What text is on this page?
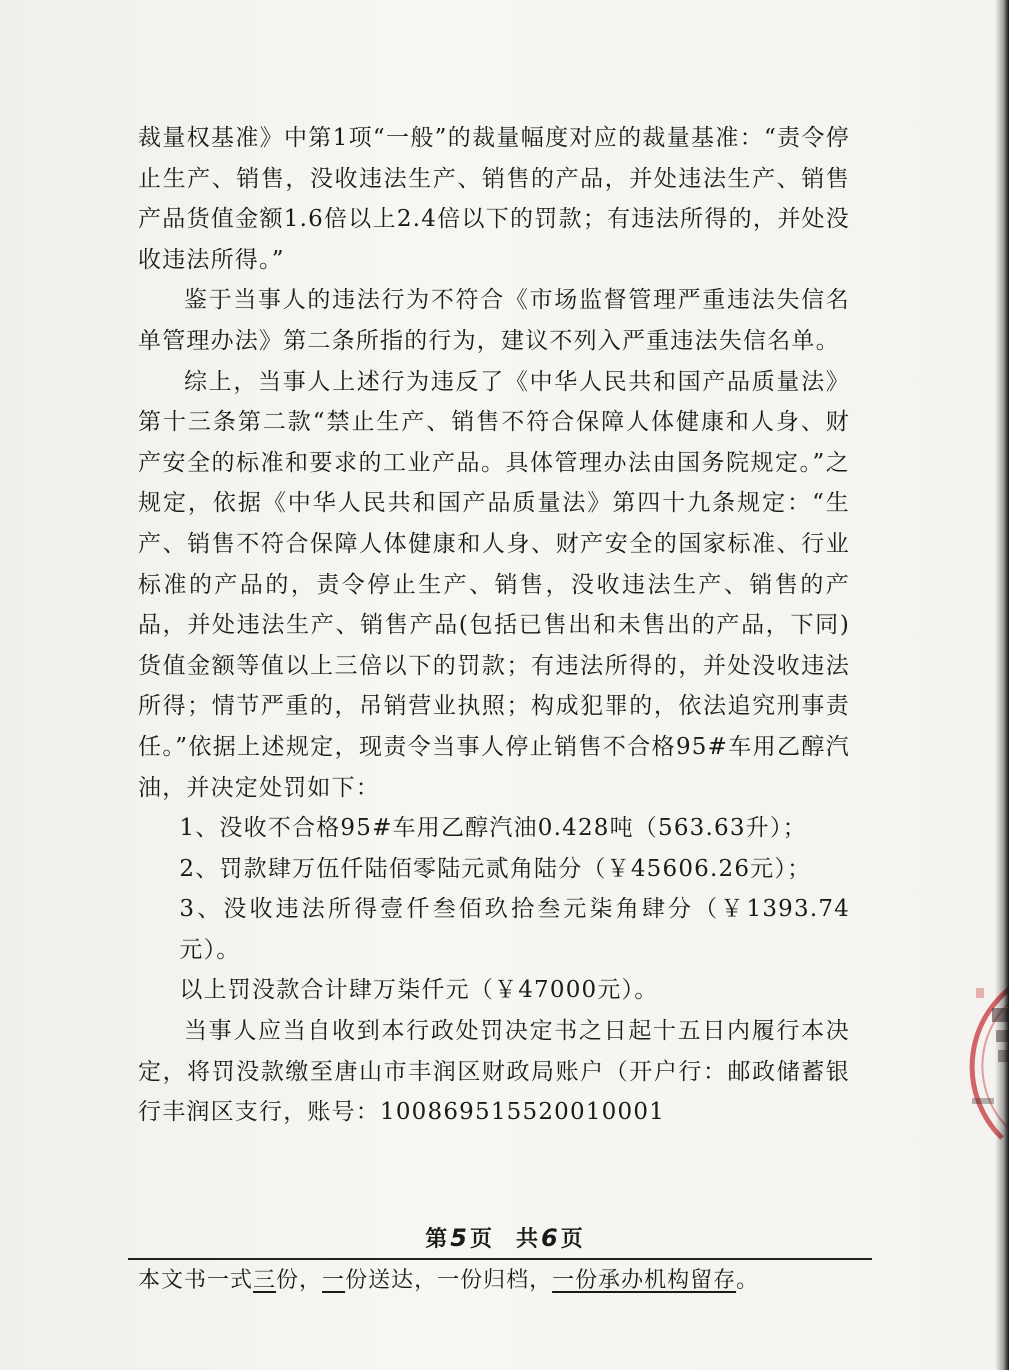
裁量权基准》中第1项“一般”的裁量幅度对应的裁量基准：“责令停止生产、销售，没收违法生产、销售的产品，并处违法生产、销售产品货值金额1.6倍以上2.4倍以下的罚款；有违法所得的，并处没收违法所得。”

鉴于当事人的违法行为不符合《市场监督管理严重违法失信名单管理办法》第二条所指的行为，建议不列入严重违法失信名单。

综上，当事人上述行为违反了《中华人民共和国产品质量法》第十三条第二款“禁止生产、销售不符合保障人体健康和人身、财产安全的标准和要求的工业产品。具体管理办法由国务院规定。”之规定，依据《中华人民共和国产品质量法》第四十九条规定：“生产、销售不符合保障人体健康和人身、财产安全的国家标准、行业标准的产品的，责令停止生产、销售，没收违法生产、销售的产品，并处违法生产、销售产品(包括已售出和未售出的产品，下同)货值金额等值以上三倍以下的罚款；有违法所得的，并处没收违法所得；情节严重的，吊销营业执照；构成犯罪的，依法追究刑事责任。”依据上述规定，现责令当事人停止销售不合格95#车用乙醇汽油，并决定处罚如下：

1、没收不合格95#车用乙醇汽油0.428吨（563.63升）；

2、罚款肆万伍仟陆佰零陆元贰角陆分（￥45606.26元）；

3、没收违法所得壹仟叁佰玖拾叁元柒角肆分（￥1393.74元）。

以上罚没款合计肆万柒仟元（￥47000元）。

当事人应当自收到本行政处罚决定书之日起十五日内履行本决定，将罚没款缴至唐山市丰润区财政局账户（开户行：邮政储蓄银行丰润区支行，账号：100869515520010001

第5页　共6页
本文书一式三份，一份送达，一份归档，一份承办机构留存。
